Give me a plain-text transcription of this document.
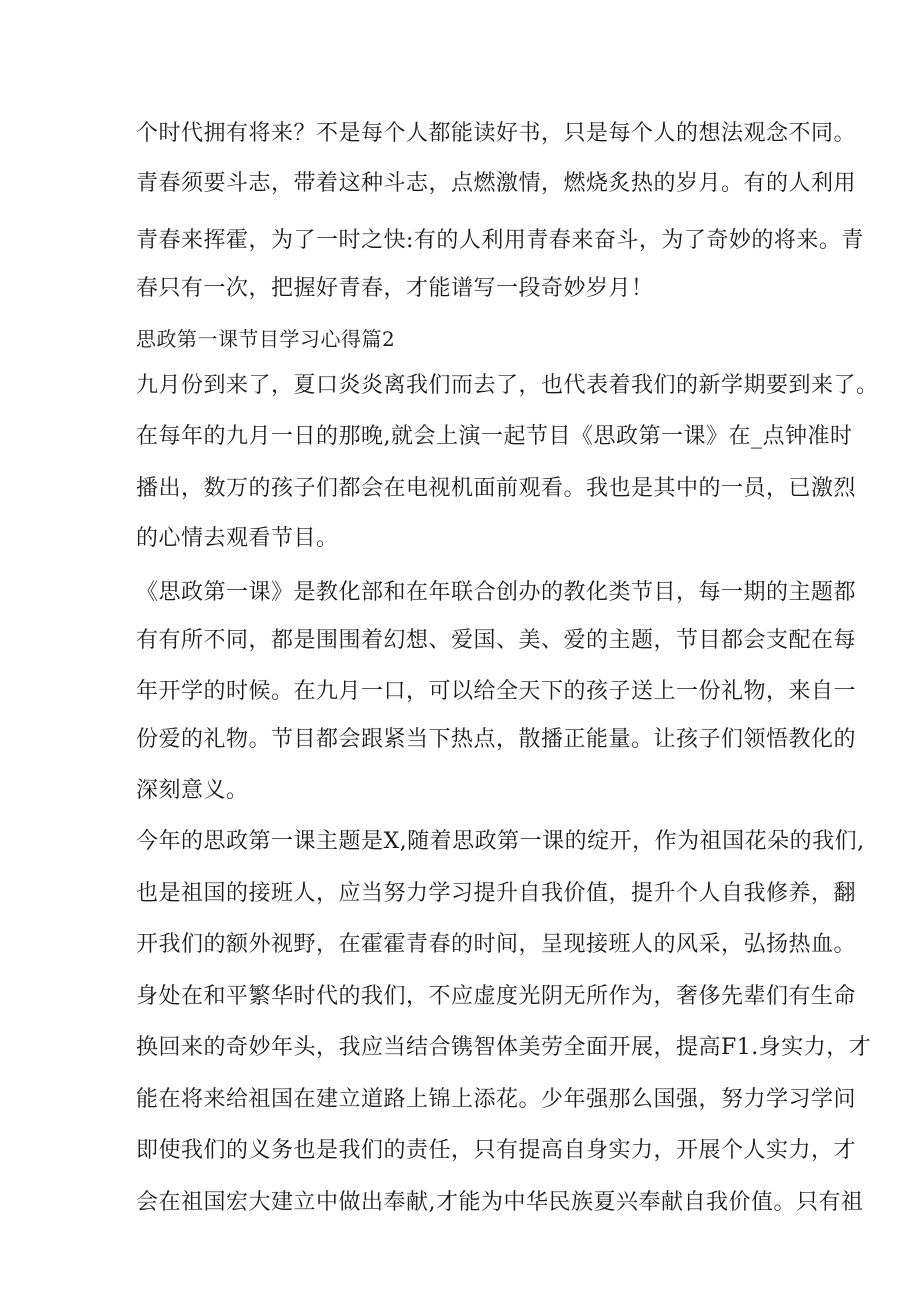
个时代拥有将来？不是每个人都能读好书，只是每个人的想法观念不同。
青春须要斗志，带着这种斗志，点燃激情，燃烧炙热的岁月。有的人利用
青春来挥霍，为了一时之快:有的人利用青春来奋斗，为了奇妙的将来。青
春只有一次，把握好青春，才能谱写一段奇妙岁月！
思政第一课节目学习心得篇2
九月份到来了，夏口炎炎离我们而去了，也代表着我们的新学期要到来了。
在每年的九月一日的那晚,就会上演一起节目《思政第一课》在_点钟准时
播出，数万的孩子们都会在电视机面前观看。我也是其中的一员，已激烈
的心情去观看节目。
《思政第一课》是教化部和在年联合创办的教化类节目，每一期的主题都
有有所不同，都是围围着幻想、爱国、美、爱的主题，节目都会支配在每
年开学的时候。在九月一口，可以给全天下的孩子送上一份礼物，来自一
份爱的礼物。节目都会跟紧当下热点，散播正能量。让孩子们领悟教化的
深刻意义。
今年的思政第一课主题是X,随着思政第一课的绽开，作为祖国花朵的我们,
也是祖国的接班人，应当努力学习提升自我价值，提升个人自我修养，翻
开我们的额外视野，在霍霍青春的时间，呈现接班人的风采，弘扬热血。
身处在和平繁华时代的我们，不应虚度光阴无所作为，奢侈先辈们有生命
换回来的奇妙年头，我应当结合镌智体美劳全面开展，提高F1.身实力，才
能在将来给祖国在建立道路上锦上添花。少年强那么国强，努力学习学问
即使我们的义务也是我们的责任，只有提高自身实力，开展个人实力，才
会在祖国宏大建立中做出奉献,才能为中华民族夏兴奉献自我价值。只有祖
